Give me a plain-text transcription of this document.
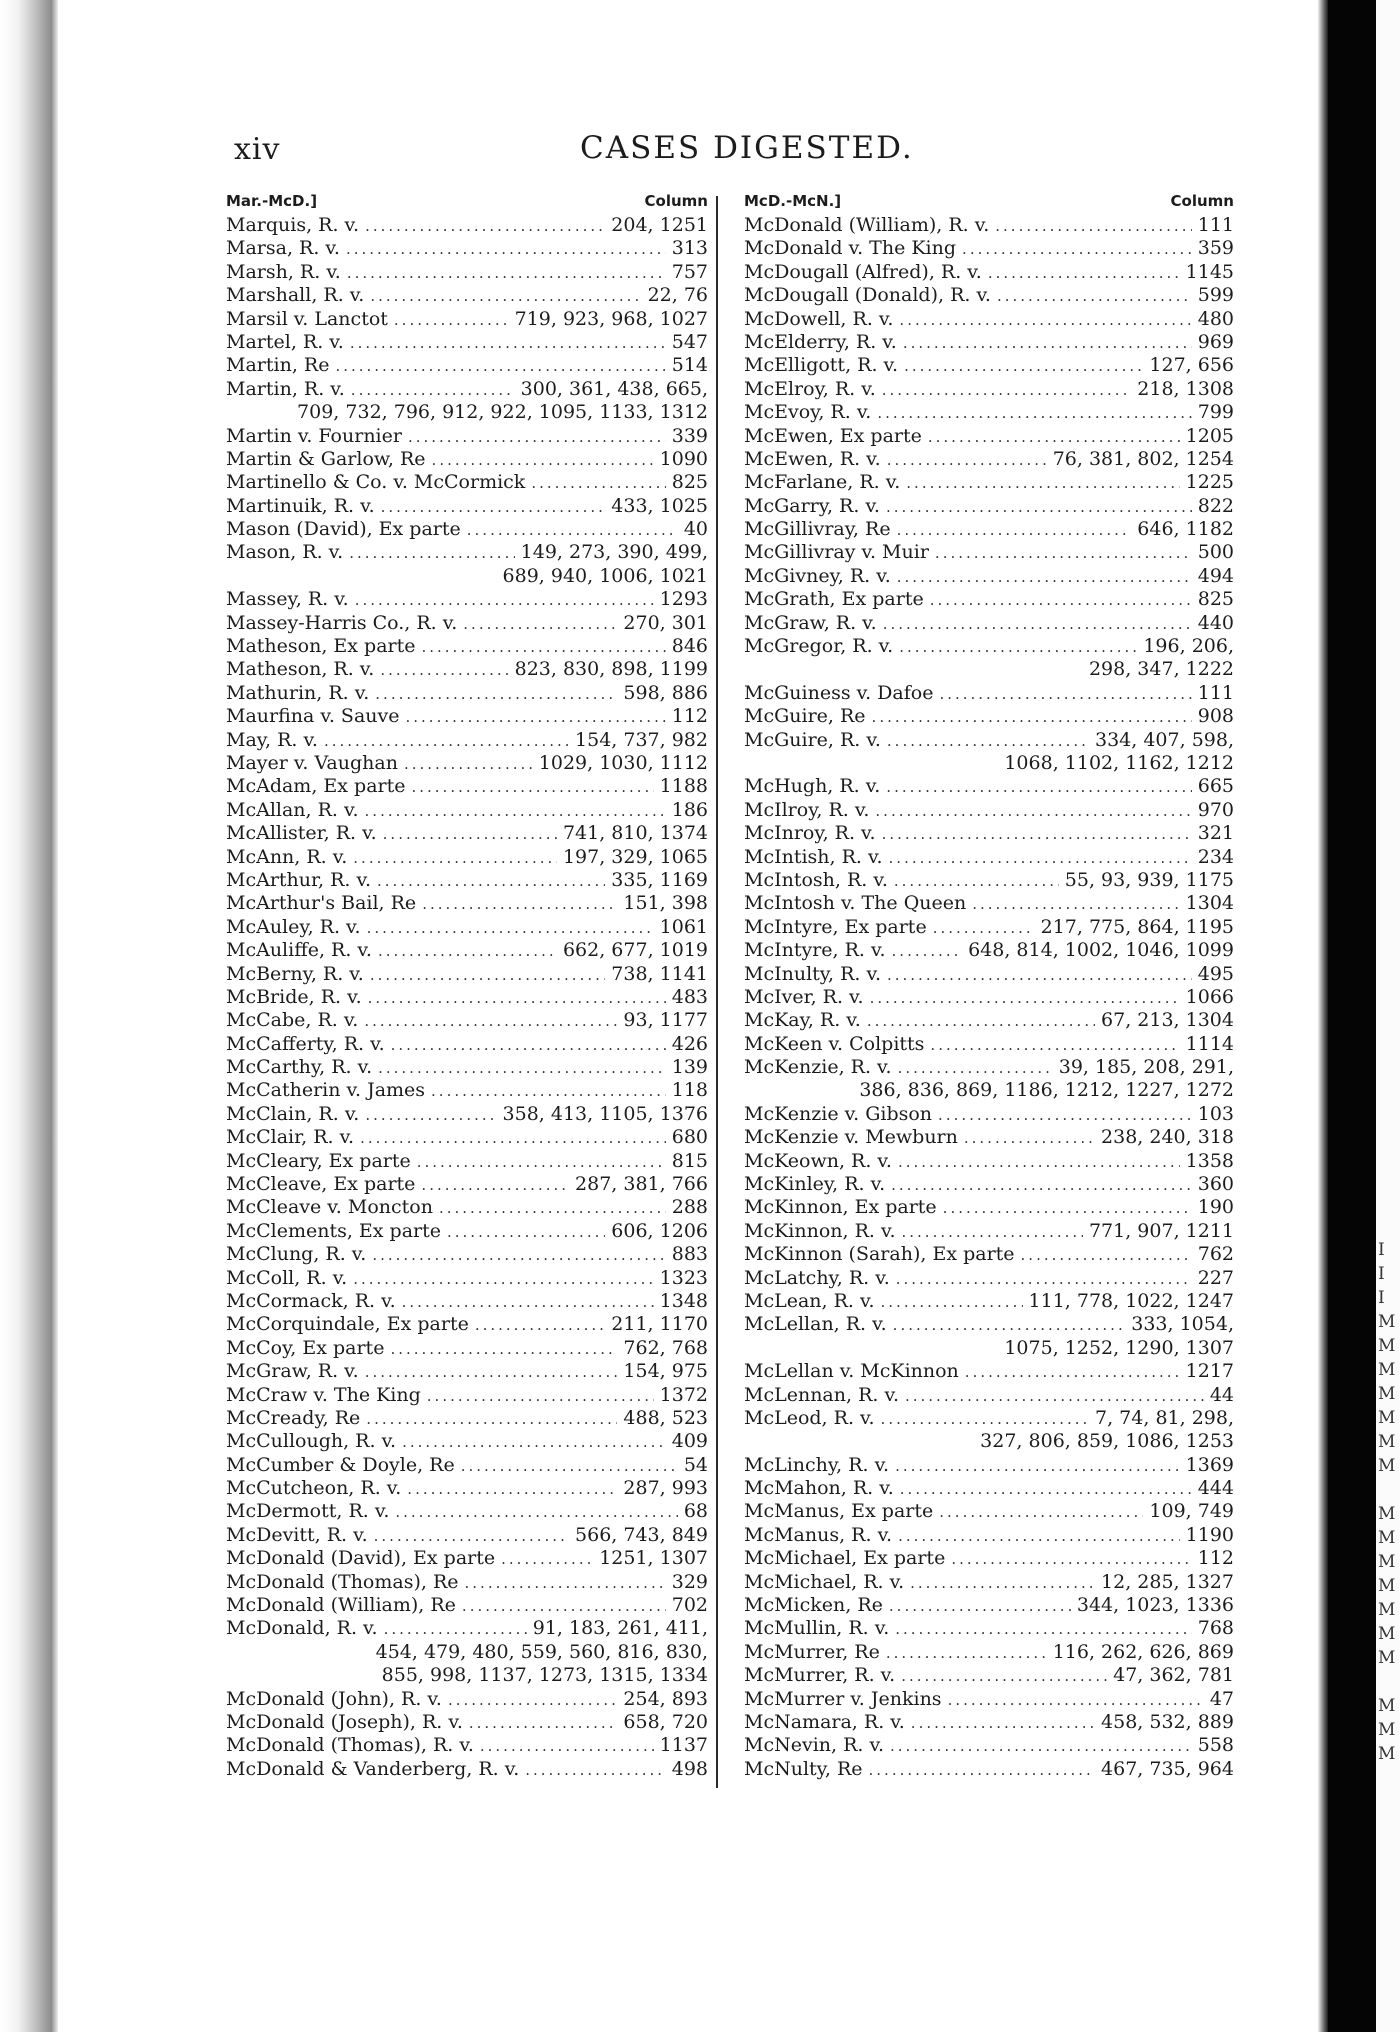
I
I
I
M
M
M
M
M
M
M
M
M
M
M
M
M
M
M
M
M
xiv	CASES DIGESTED.
Mar.-McD.]	Column
Marquis, R. v. .....	204, 1251
Marsa, R. v. .....	313
Marsh, R. v. .....	757
Marshall, R. v. .....	22, 76
Marsil v. Lanctot .....	719, 923, 968, 1027
Martel, R. v. .....	547
Martin, Re .....	514
Martin, R. v. .....	300, 361, 438, 665,
709, 732, 796, 912, 922, 1095, 1133, 1312
Martin v. Fournier .....	339
Martin & Garlow, Re .....	1090
Martinello & Co. v. McCormick .....	825
Martinuik, R. v. .....	433, 1025
Mason (David), Ex parte .....	40
Mason, R. v. .....	149, 273, 390, 499,
689, 940, 1006, 1021
Massey, R. v. .....	1293
Massey-Harris Co., R. v. .....	270, 301
Matheson, Ex parte .....	846
Matheson, R. v. .....	823, 830, 898, 1199
Mathurin, R. v. .....	598, 886
Maurfina v. Sauve .....	112
May, R. v. .....	154, 737, 982
Mayer v. Vaughan .....	1029, 1030, 1112
McAdam, Ex parte .....	1188
McAllan, R. v. .....	186
McAllister, R. v. .....	741, 810, 1374
McAnn, R. v. .....	197, 329, 1065
McArthur, R. v. .....	335, 1169
McArthur's Bail, Re .....	151, 398
McAuley, R. v. .....	1061
McAuliffe, R. v. .....	662, 677, 1019
McBerny, R. v. .....	738, 1141
McBride, R. v. .....	483
McCabe, R. v. .....	93, 1177
McCafferty, R. v. .....	426
McCarthy, R. v. .....	139
McCatherin v. James .....	118
McClain, R. v. .....	358, 413, 1105, 1376
McClair, R. v. .....	680
McCleary, Ex parte .....	815
McCleave, Ex parte .....	287, 381, 766
McCleave v. Moncton .....	288
McClements, Ex parte .....	606, 1206
McClung, R. v. .....	883
McColl, R. v. .....	1323
McCormack, R. v. .....	1348
McCorquindale, Ex parte .....	211, 1170
McCoy, Ex parte .....	762, 768
McGraw, R. v. .....	154, 975
McCraw v. The King .....	1372
McCready, Re .....	488, 523
McCullough, R. v. .....	409
McCumber & Doyle, Re .....	54
McCutcheon, R. v. .....	287, 993
McDermott, R. v. .....	68
McDevitt, R. v. .....	566, 743, 849
McDonald (David), Ex parte .....	1251, 1307
McDonald (Thomas), Re .....	329
McDonald (William), Re .....	702
McDonald, R. v. .....	91, 183, 261, 411,
454, 479, 480, 559, 560, 816, 830,
855, 998, 1137, 1273, 1315, 1334
McDonald (John), R. v. .....	254, 893
McDonald (Joseph), R. v. .....	658, 720
McDonald (Thomas), R. v. .....	1137
McDonald & Vanderberg, R. v. .....	498
McD.-McN.]	Column
McDonald (William), R. v. .....	111
McDonald v. The King .....	359
McDougall (Alfred), R. v. .....	1145
McDougall (Donald), R. v. .....	599
McDowell, R. v. .....	480
McElderry, R. v. .....	969
McElligott, R. v. .....	127, 656
McElroy, R. v. .....	218, 1308
McEvoy, R. v. .....	799
McEwen, Ex parte .....	1205
McEwen, R. v. .....	76, 381, 802, 1254
McFarlane, R. v. .....	1225
McGarry, R. v. .....	822
McGillivray, Re .....	646, 1182
McGillivray v. Muir .....	500
McGivney, R. v. .....	494
McGrath, Ex parte .....	825
McGraw, R. v. .....	440
McGregor, R. v. .....	196, 206,
298, 347, 1222
McGuiness v. Dafoe .....	111
McGuire, Re .....	908
McGuire, R. v. .....	334, 407, 598,
1068, 1102, 1162, 1212
McHugh, R. v. .....	665
McIlroy, R. v. .....	970
McInroy, R. v. .....	321
McIntish, R. v. .....	234
McIntosh, R. v. .....	55, 93, 939, 1175
McIntosh v. The Queen .....	1304
McIntyre, Ex parte .....	217, 775, 864, 1195
McIntyre, R. v. .....	648, 814, 1002, 1046, 1099
McInulty, R. v. .....	495
McIver, R. v. .....	1066
McKay, R. v. .....	67, 213, 1304
McKeen v. Colpitts .....	1114
McKenzie, R. v. .....	39, 185, 208, 291,
386, 836, 869, 1186, 1212, 1227, 1272
McKenzie v. Gibson .....	103
McKenzie v. Mewburn .....	238, 240, 318
McKeown, R. v. .....	1358
McKinley, R. v. .....	360
McKinnon, Ex parte .....	190
McKinnon, R. v. .....	771, 907, 1211
McKinnon (Sarah), Ex parte .....	762
McLatchy, R. v. .....	227
McLean, R. v. .....	111, 778, 1022, 1247
McLellan, R. v. .....	333, 1054,
1075, 1252, 1290, 1307
McLellan v. McKinnon .....	1217
McLennan, R. v. .....	44
McLeod, R. v. .....	7, 74, 81, 298,
327, 806, 859, 1086, 1253
McLinchy, R. v. .....	1369
McMahon, R. v. .....	444
McManus, Ex parte .....	109, 749
McManus, R. v. .....	1190
McMichael, Ex parte .....	112
McMichael, R. v. .....	12, 285, 1327
McMicken, Re .....	344, 1023, 1336
McMullin, R. v. .....	768
McMurrer, Re .....	116, 262, 626, 869
McMurrer, R. v. .....	47, 362, 781
McMurrer v. Jenkins .....	47
McNamara, R. v. .....	458, 532, 889
McNevin, R. v. .....	558
McNulty, Re .....	467, 735, 964
